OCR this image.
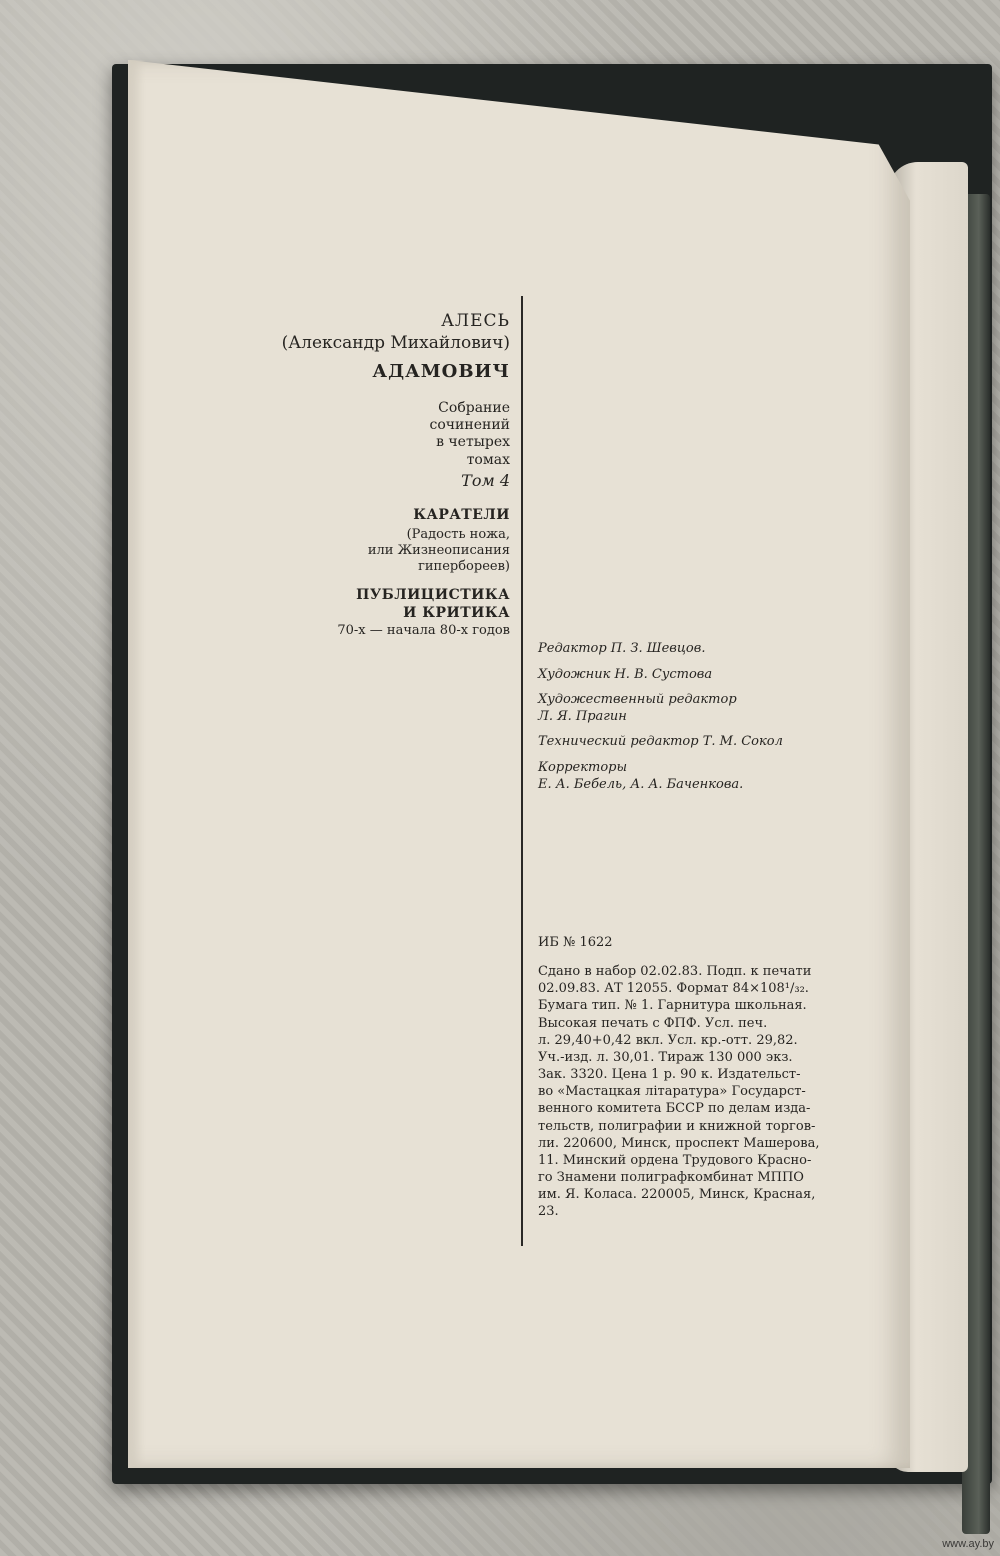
АЛЕСЬ
(Александр Михайлович)
АДАМОВИЧ
Собрание
сочинений
в четырех
томах
Том 4
КАРАТЕЛИ
(Радость ножа,
или Жизнеописания
гипербореев)
ПУБЛИЦИСТИКА
И КРИТИКА
70-х — начала 80-х годов
Редактор П. З. Шевцов.
Художник Н. В. Сустова
Художественный редактор
Л. Я. Прагин
Технический редактор Т. М. Сокол
Корректоры
Е. А. Бебель, А. А. Баченкова.
ИБ № 1622
Сдано в набор 02.02.83. Подп. к печати
02.09.83. АТ 12055. Формат 84×108¹/₃₂.
Бумага тип. № 1. Гарнитура школьная.
Высокая печать с ФПФ. Усл. печ.
л. 29,40+0,42 вкл. Усл. кр.-отт. 29,82.
Уч.-изд. л. 30,01. Тираж 130 000 экз.
Зак. 3320. Цена 1 р. 90 к. Издательст-
во «Мастацкая літаратура» Государст-
венного комитета БССР по делам изда-
тельств, полиграфии и книжной торгов-
ли. 220600, Минск, проспект Машерова,
11. Минский ордена Трудового Красно-
го Знамени полиграфкомбинат МППО
им. Я. Коласа. 220005, Минск, Красная,
23.
www.ay.by
